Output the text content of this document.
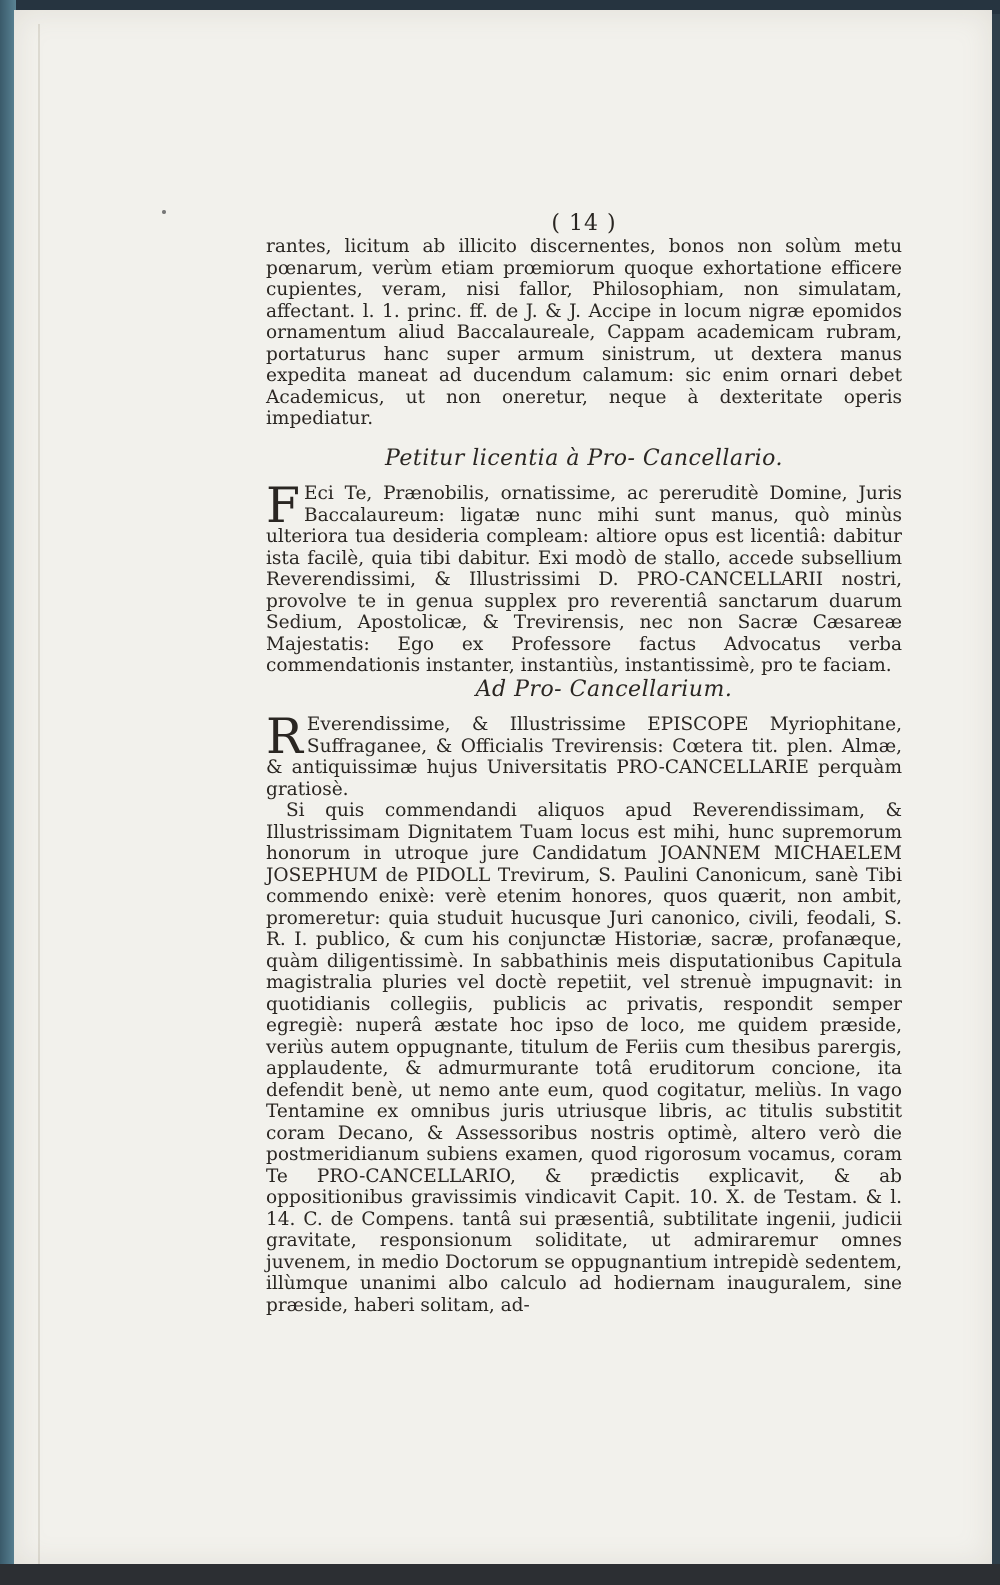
( 14 )

rantes, licitum ab illicito discernentes, bonos non solùm metu pœnarum, verùm etiam prœmiorum quoque exhortatione efficere cupientes, veram, nisi fallor, Philosophiam, non simulatam, affectant. l. 1. princ. ff. de J. & J. Accipe in locum nigræ epomidos ornamentum aliud Baccalaureale, Cappam academicam rubram, portaturus hanc super armum sinistrum, ut dextera manus expedita maneat ad ducendum calamum: sic enim ornari debet Academicus, ut non oneretur, neque à dexteritate operis impediatur.

Petitur licentia à Pro- Cancellario.

F Eci Te, Prænobilis, ornatissime, ac pereruditè Domine, Juris Baccalaureum: ligatæ nunc mihi sunt manus, quò minùs ulteriora tua desideria compleam: altiore opus est licentiâ: dabitur ista facilè, quia tibi dabitur. Exi modò de stallo, accede subsellium Reverendissimi, & Illustrissimi D. PRO-CANCELLARII nostri, provolve te in genua supplex pro reverentiâ sanctarum duarum Sedium, Apostolicæ, & Trevirensis, nec non Sacræ Cæsareæ Majestatis: Ego ex Professore factus Advocatus verba commendationis instanter, instantiùs, instantissimè, pro te faciam.

Ad Pro- Cancellarium.

R Everendissime, & Illustrissime EPISCOPE Myriophitane, Suffraganee, & Officialis Trevirensis: Cœtera tit. plen. Almæ, & antiquissimæ hujus Universitatis PRO-CANCELLARIE perquàm gratiosè.

Si quis commendandi aliquos apud Reverendissimam, & Illustrissimam Dignitatem Tuam locus est mihi, hunc supremorum honorum in utroque jure Candidatum JOANNEM MICHAELEM JOSEPHUM de PIDOLL Trevirum, S. Paulini Canonicum, sanè Tibi commendo enixè: verè etenim honores, quos quærit, non ambit, promeretur: quia studuit hucusque Juri canonico, civili, feodali, S. R. I. publico, & cum his conjunctæ Historiæ, sacræ, profanæque, quàm diligentissimè. In sabbathinis meis disputationibus Capitula magistralia pluries vel doctè repetiit, vel strenuè impugnavit: in quotidianis collegiis, publicis ac privatis, respondit semper egregiè: nuperâ æstate hoc ipso de loco, me quidem præside, veriùs autem oppugnante, titulum de Feriis cum thesibus parergis, applaudente, & admurmurante totâ eruditorum concione, ita defendit benè, ut nemo ante eum, quod cogitatur, meliùs. In vago Tentamine ex omnibus juris utriusque libris, ac titulis substitit coram Decano, & Assessoribus nostris optimè, altero verò die postmeridianum subiens examen, quod rigorosum vocamus, coram Te PRO-CANCELLARIO, & prædictis explicavit, & ab oppositionibus gravissimis vindicavit Capit. 10. X. de Testam. & l. 14. C. de Compens. tantâ sui præsentiâ, subtilitate ingenii, judicii gravitate, responsionum soliditate, ut admiraremur omnes juvenem, in medio Doctorum se oppugnantium intrepidè sedentem, illùmque unanimi albo calculo ad hodiernam inauguralem, sine præside, haberi solitam, ad-
